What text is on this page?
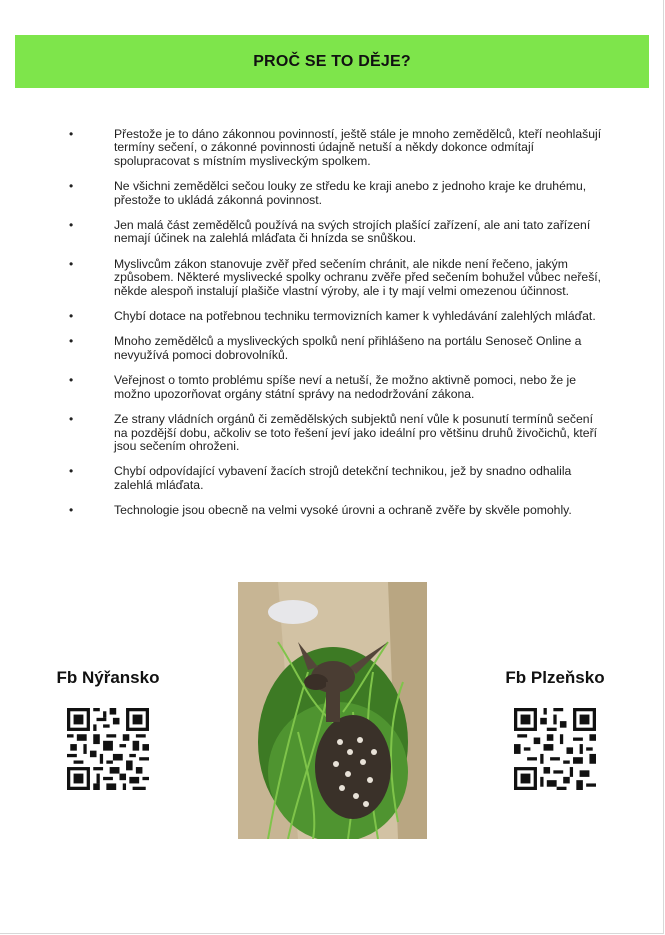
PROČ SE TO DĚJE?
•	Přestože je to dáno zákonnou povinností, ještě stále je mnoho zemědělců, kteří neohlašují termíny sečení, o zákonné povinnosti údajně netuší a někdy dokonce odmítají spolupracovat s místním mysliveckým spolkem.
•	Ne všichni zemědělci sečou louky ze středu ke kraji anebo z jednoho kraje ke druhému, přestože to ukládá zákonná povinnost.
•	Jen malá část zemědělců používá na svých strojích plašící zařízení, ale ani tato zařízení nemají účinek na zalehlá mláďata či hnízda se snůškou.
•	Myslivcům zákon stanovuje zvěř před sečením chránit, ale nikde není řečeno, jakým způsobem. Některé myslivecké spolky ochranu zvěře před sečením bohužel vůbec neřeší, někde alespoň instalují plašiče vlastní výroby, ale i ty mají velmi omezenou účinnost.
•	Chybí dotace na potřebnou techniku termovizních kamer k vyhledávání zalehlých mláďat.
•	Mnoho zemědělců a mysliveckých spolků není přihlášeno na portálu Senoseč Online a nevyužívá pomoci dobrovolníků.
•	Veřejnost o tomto problému spíše neví a netuší, že možno aktivně pomoci, nebo že je možno upozorňovat orgány státní správy na nedodržování zákona.
•	Ze strany vládních orgánů či zemědělských subjektů není vůle k posunutí termínů sečení na pozdější dobu, ačkoliv se toto řešení jeví jako ideální pro většinu druhů živočichů, kteří jsou sečením ohroženi.
•	Chybí odpovídající vybavení žacích strojů detekční technikou, jež by snadno odhalila zalehlá mláďata.
•	Technologie jsou obecně na velmi vysoké úrovni a ochraně zvěře by skvěle pomohly.
Fb Nýřansko	Fb Plzeňsko
